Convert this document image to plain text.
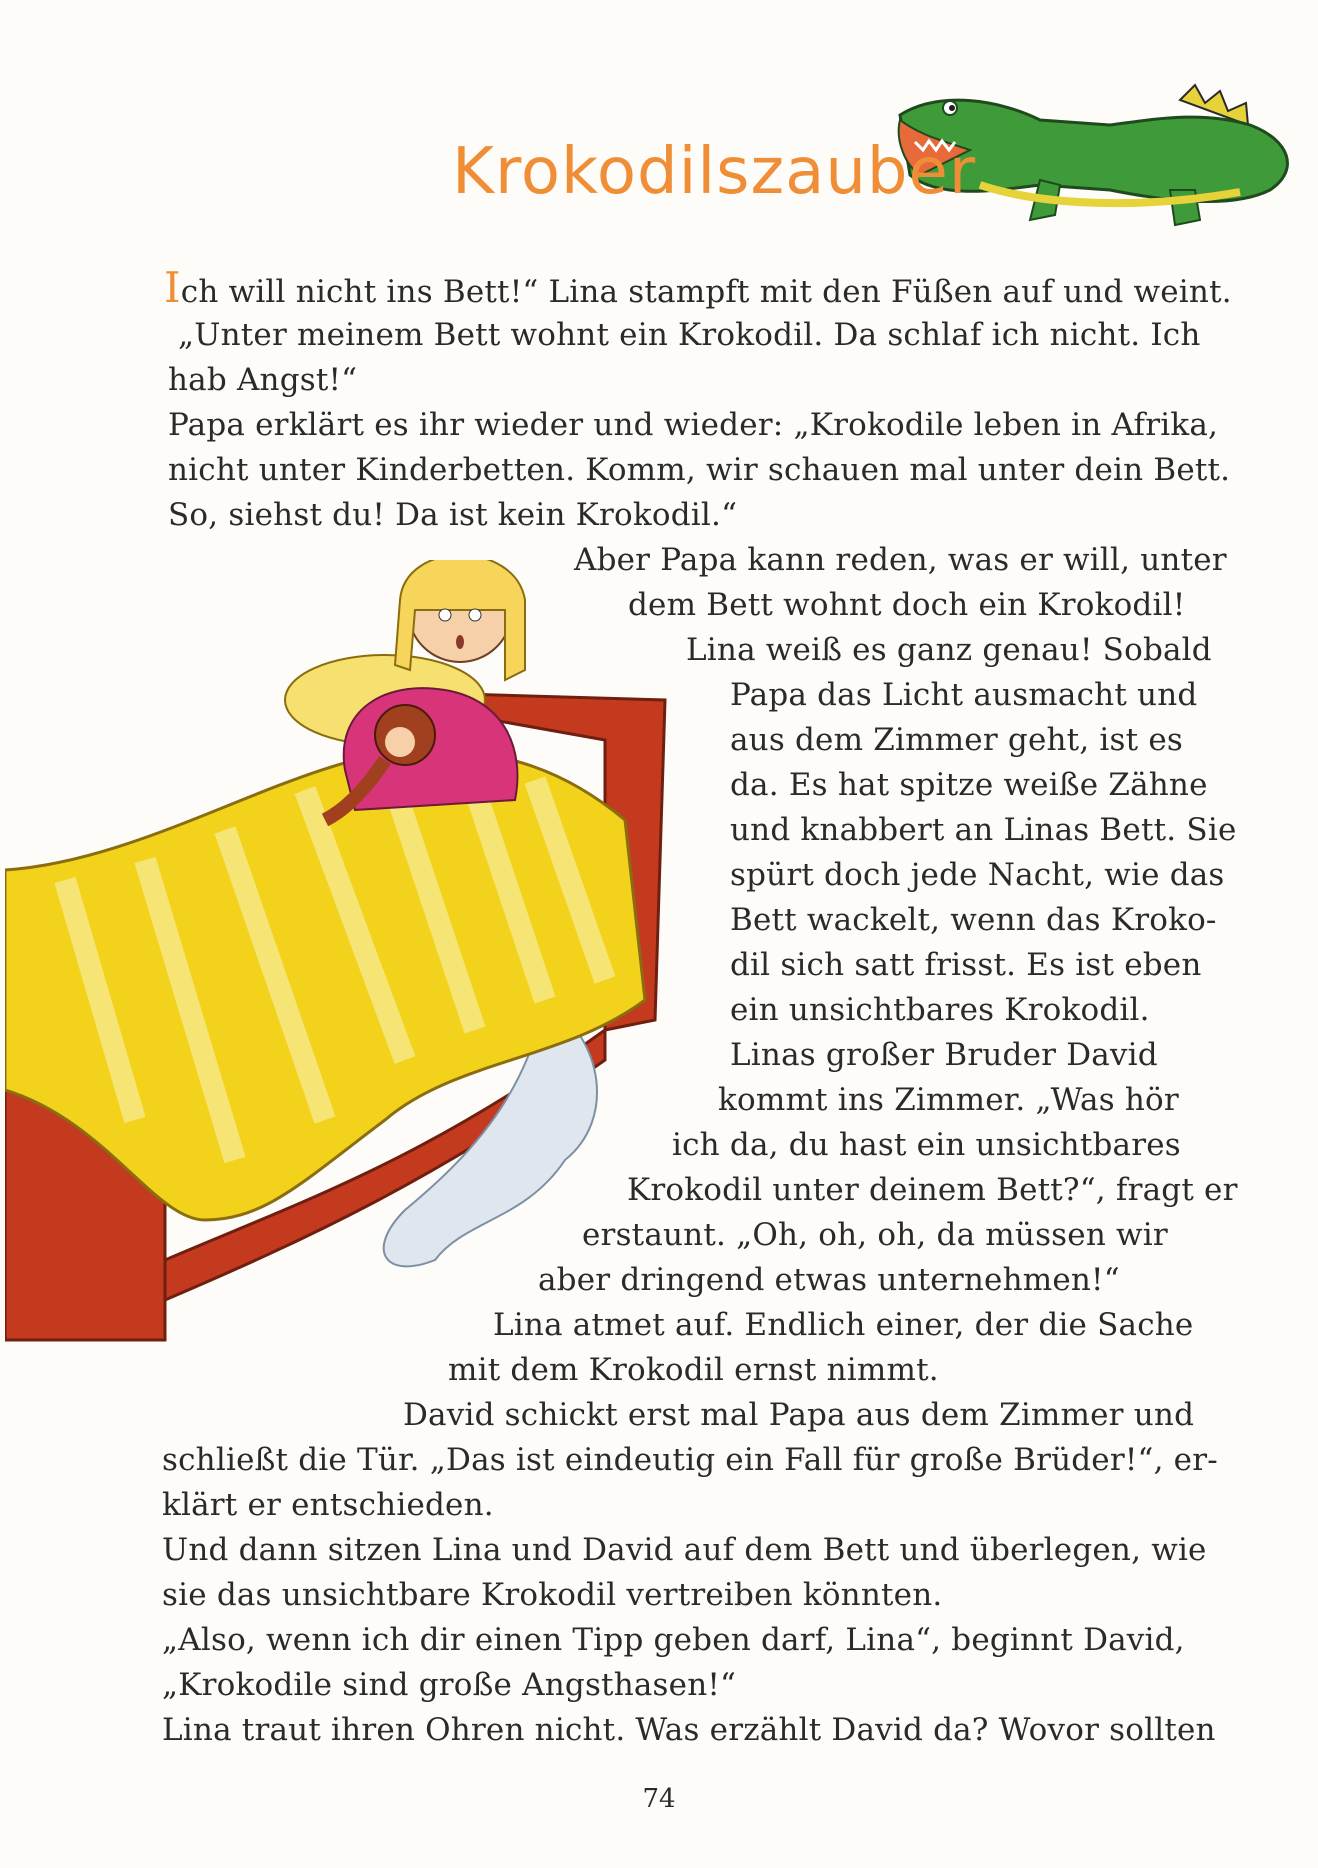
Krokodilszauber
Ich will nicht ins Bett!“ Lina stampft mit den Füßen auf und weint.
„Unter meinem Bett wohnt ein Krokodil. Da schlaf ich nicht. Ich
hab Angst!“
Papa erklärt es ihr wieder und wieder: „Krokodile leben in Afrika,
nicht unter Kinderbetten. Komm, wir schauen mal unter dein Bett.
So, siehst du! Da ist kein Krokodil.“
Aber Papa kann reden, was er will, unter
dem Bett wohnt doch ein Krokodil!
Lina weiß es ganz genau! Sobald
Papa das Licht ausmacht und
aus dem Zimmer geht, ist es
da. Es hat spitze weiße Zähne
und knabbert an Linas Bett. Sie
spürt doch jede Nacht, wie das
Bett wackelt, wenn das Kroko-
dil sich satt frisst. Es ist eben
ein unsichtbares Krokodil.
Linas großer Bruder David
kommt ins Zimmer. „Was hör
ich da, du hast ein unsichtbares
Krokodil unter deinem Bett?“, fragt er
erstaunt. „Oh, oh, oh, da müssen wir
aber dringend etwas unternehmen!“
Lina atmet auf. Endlich einer, der die Sache
mit dem Krokodil ernst nimmt.
David schickt erst mal Papa aus dem Zimmer und
schließt die Tür. „Das ist eindeutig ein Fall für große Brüder!“, er-
klärt er entschieden.
Und dann sitzen Lina und David auf dem Bett und überlegen, wie
sie das unsichtbare Krokodil vertreiben könnten.
„Also, wenn ich dir einen Tipp geben darf, Lina“, beginnt David,
„Krokodile sind große Angsthasen!“
Lina traut ihren Ohren nicht. Was erzählt David da? Wovor sollten
74
